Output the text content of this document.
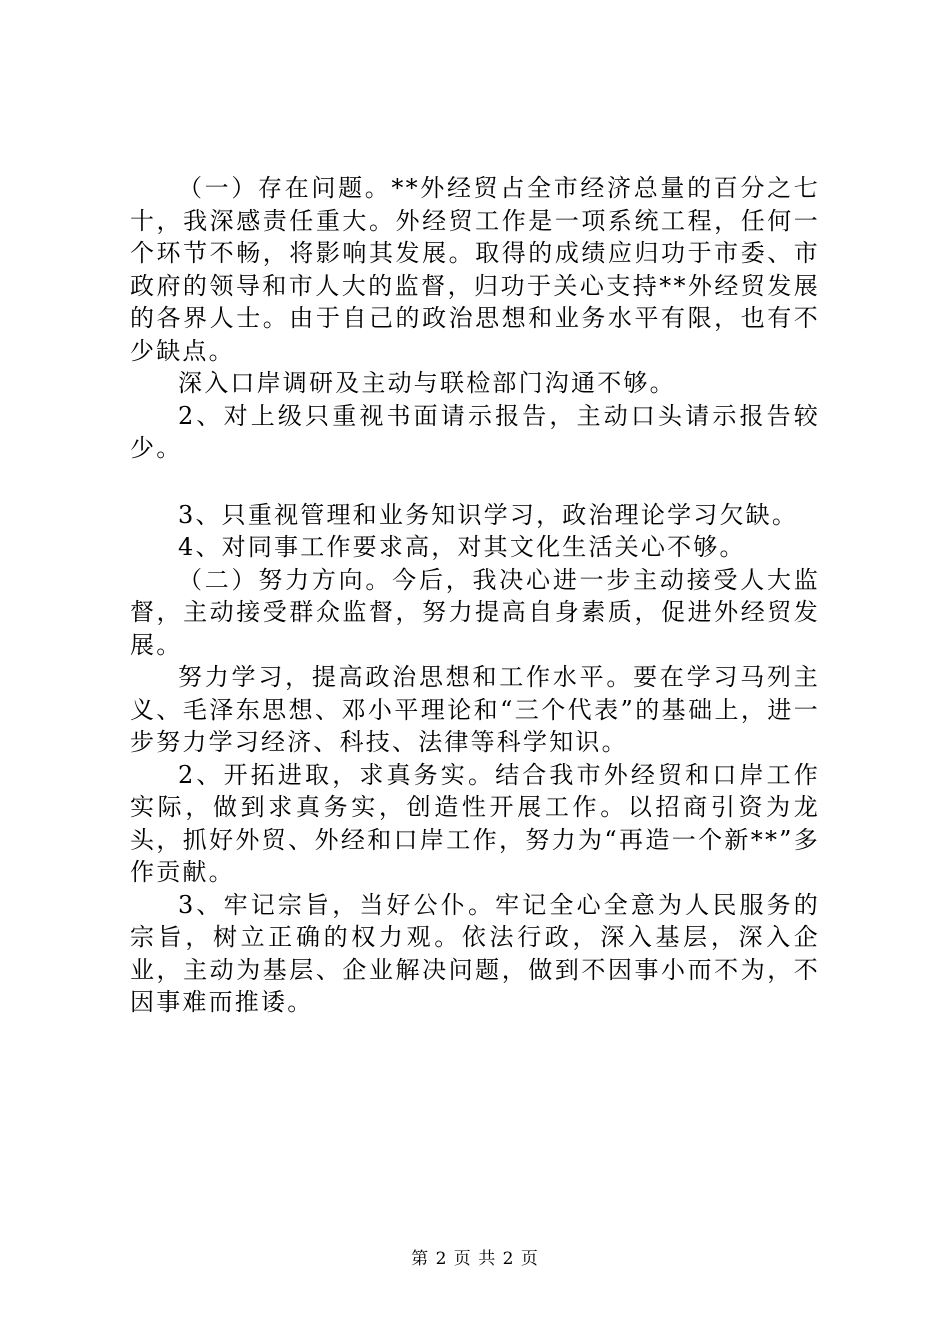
（一）存在问题。**外经贸占全市经济总量的百分之七十，我深感责任重大。外经贸工作是一项系统工程，任何一个环节不畅，将影响其发展。取得的成绩应归功于市委、市政府的领导和市人大的监督，归功于关心支持**外经贸发展的各界人士。由于自己的政治思想和业务水平有限，也有不少缺点。

深入口岸调研及主动与联检部门沟通不够。

2、对上级只重视书面请示报告，主动口头请示报告较少。

3、只重视管理和业务知识学习，政治理论学习欠缺。

4、对同事工作要求高，对其文化生活关心不够。

（二）努力方向。今后，我决心进一步主动接受人大监督，主动接受群众监督，努力提高自身素质，促进外经贸发展。

努力学习，提高政治思想和工作水平。要在学习马列主义、毛泽东思想、邓小平理论和“三个代表”的基础上，进一步努力学习经济、科技、法律等科学知识。

2、开拓进取，求真务实。结合我市外经贸和口岸工作实际，做到求真务实，创造性开展工作。以招商引资为龙头，抓好外贸、外经和口岸工作，努力为“再造一个新**”多作贡献。

3、牢记宗旨，当好公仆。牢记全心全意为人民服务的宗旨，树立正确的权力观。依法行政，深入基层，深入企业，主动为基层、企业解决问题，做到不因事小而不为，不因事难而推诿。

第 2 页 共 2 页
